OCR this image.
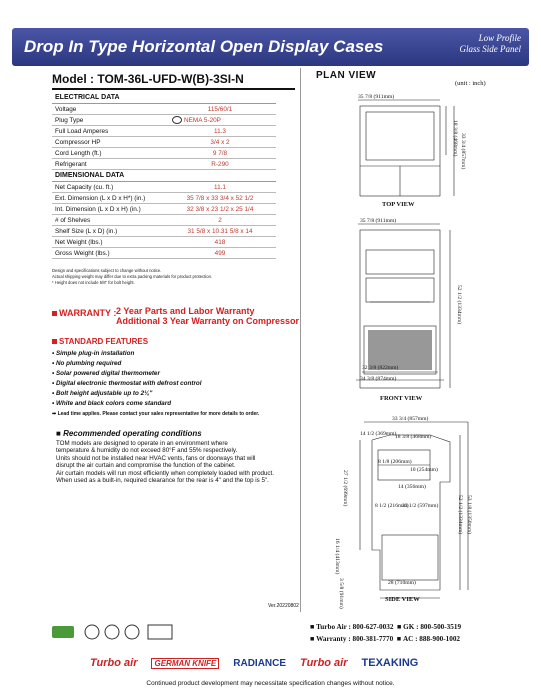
Drop In Type Horizontal Open Display Cases	Low Profile
Glass Side Panel
Model : TOM-36L-UFD-W(B)-3SI-N
ELECTRICAL DATA
Voltage	115/60/1
Plug Type	NEMA 5-20P
Full Load Amperes	11.3
Compressor HP	3/4 x 2
Cord Length (ft.)	9 7/8
Refrigerant	R-290
DIMENSIONAL DATA
Net Capacity (cu. ft.)	11.1
Ext. Dimension (L x D x H*) (in.)	35 7/8 x 33 3/4 x 52 1/2
Int. Dimension (L x D x H) (in.)	32 3/8 x 23 1/2 x 25 1/4
# of Shelves	2
Shelf Size (L x D) (in.)	31 5/8 x 10.31 5/8 x 14
Net Weight (lbs.)	418
Gross Weight (lbs.)	499
Design and specifications subject to change without notice.
Actual shipping weight may differ due to extra packing materials for product protection.
* Height does not include 5/8" for bolt height.
WARRANTY : 2 Year Parts and Labor Warranty
Additional 3 Year Warranty on Compressor
STANDARD FEATURES
• Simple plug-in installation
• No plumbing required
• Solar powered digital thermometer
• Digital electronic thermostat with defrost control
• Bolt height adjustable up to 2⅛"
• White and black colors come standard
➡ Lead time applies. Please contact your sales representative for more details to order.
■ Recommended operating conditions
TOM models are designed to operate in an environment where
temperature & humidity do not exceed 80°F and 55% respectively.
Units should not be installed near HVAC vents, fans or doorways that will
disrupt the air curtain and compromise the function of the cabinet.
Air curtain models will run most efficiently when completely loaded with product.
When used as a built-in, required clearance for the rear is 4" and the top is 5".
Ver.20220802
PLAN VIEW
(unit : inch)
35 7/8 (911mm)
18 3/8 (468mm) 33 3/4 (857mm)
TOP VIEW
35 7/8 (911mm)
52 1/2 (1334mm)
32 3/8 (822mm)
34 3/8 (874mm)
FRONT VIEW
33 3/4 (857mm)
14 1/2 (369mm)
18 3/8 (468mm)
8 1/8 (206mm)
10 (254mm)
14 (356mm)
8 1/2 (216mm)
23 1/2 (597mm)
27 1/2 (699mm)
16 1/4 (413mm)
3 5/8 (91mm)	28 (710mm)
52 1/2 (1334mm) 53 1/8 (1350mm)
SIDE VIEW
■ Turbo Air : 800-627-0032  ■ GK : 800-500-3519
■ Warranty : 800-381-7770  ■ AC : 888-900-1002
Turbo air	GERMAN KNIFE	RADIANCE Turbo air TEXAKING
Continued product development may necessitate specification changes without notice.
